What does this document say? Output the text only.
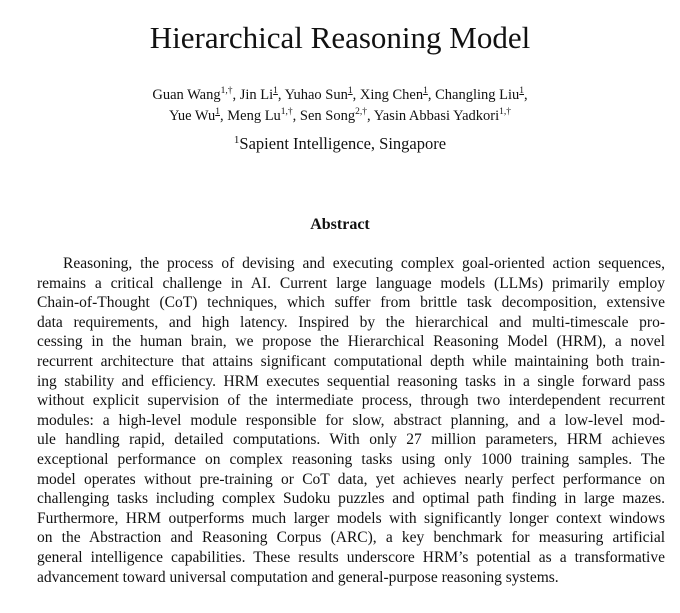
Hierarchical Reasoning Model
Guan Wang$^{1,\dagger}$, Jin Li$^1$, Yuhao Sun$^1$, Xing Chen$^1$, Changling Liu$^1$,
Yue Wu$^1$, Meng $Lu^{1,\dagger}$, Sen Song$^{2,\dagger}$, Yasin Abbasi Yadkori$^{1,\dagger}$
$^1$Sapient Intelligence, Singapore
Abstract
Reasoning, the process of devising and executing complex goal-oriented action sequences,
remains a critical challenge in AI. Current large language models (LLMs) primarily employ
Chain-of-Thought (CoT) techniques, which suffer from brittle task decomposition, extensive
data requirements, and high latency. Inspired by the hierarchical and multi-timescale pro-
cessing in the human brain, we propose the Hierarchical Reasoning Model (HRM), a novel
recurrent architecture that attains significant computational depth while maintaining both train-
ing stability and efficiency. HRM executes sequential reasoning tasks in a single forward pass
without explicit supervision of the intermediate process, through two interdependent recurrent
modules: a high-level module responsible for slow, abstract planning, and a low-level mod-
ule handling rapid, detailed computations. With only 27 million parameters, HRM achieves
exceptional performance on complex reasoning tasks using only 1000 training samples. The
model operates without pre-training or CoT data, yet achieves nearly perfect performance on
challenging tasks including complex Sudoku puzzles and optimal path finding in large mazes.
Furthermore, HRM outperforms much larger models with significantly longer context windows
on the Abstraction and Reasoning Corpus (ARC), a key benchmark for measuring artificial
general intelligence capabilities. These results underscore HRM’s potential as a transformative
advancement toward universal computation and general-purpose reasoning systems.
